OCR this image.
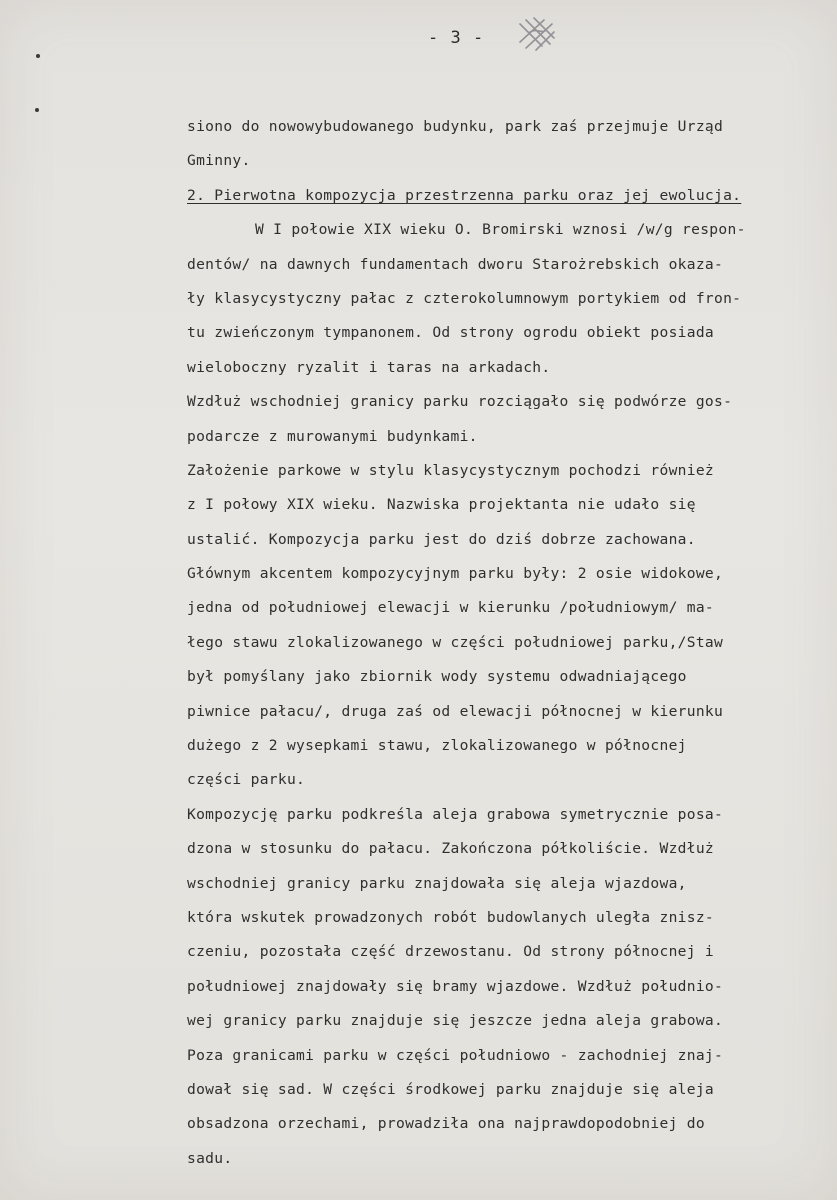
- 3 -
siono do nowowybudowanego budynku, park zaś przejmuje Urząd
Gminny.
2. Pierwotna kompozycja przestrzenna parku oraz jej ewolucja.
W I połowie XIX wieku O. Bromirski wznosi /w/g respon-
dentów/ na dawnych fundamentach dworu Starożrebskich okaza-
ły klasycystyczny pałac z czterokolumnowym portykiem od fron-
tu zwieńczonym tympanonem. Od strony ogrodu obiekt posiada
wieloboczny ryzalit i taras na arkadach.
Wzdłuż wschodniej granicy parku rozciągało się podwórze gos-
podarcze z murowanymi budynkami.
Założenie parkowe w stylu klasycystycznym pochodzi również
z I połowy XIX wieku. Nazwiska projektanta nie udało się
ustalić. Kompozycja parku jest do dziś dobrze zachowana.
Głównym akcentem kompozycyjnym parku były: 2 osie widokowe,
jedna od południowej elewacji w kierunku /południowym/ ma-
łego stawu zlokalizowanego w części południowej parku,/Staw
był pomyślany jako zbiornik wody systemu odwadniającego
piwnice pałacu/, druga zaś od elewacji północnej w kierunku
dużego z 2 wysepkami stawu, zlokalizowanego w północnej
części parku.
Kompozycję parku podkreśla aleja grabowa symetrycznie posa-
dzona w stosunku do pałacu. Zakończona półkoliście. Wzdłuż
wschodniej granicy parku znajdowała się aleja wjazdowa,
która wskutek prowadzonych robót budowlanych uległa znisz-
czeniu, pozostała część drzewostanu. Od strony północnej i
południowej znajdowały się bramy wjazdowe. Wzdłuż południo-
wej granicy parku znajduje się jeszcze jedna aleja grabowa.
Poza granicami parku w części południowo - zachodniej znaj-
dował się sad. W części środkowej parku znajduje się aleja
obsadzona orzechami, prowadziła ona najprawdopodobniej do
sadu.
